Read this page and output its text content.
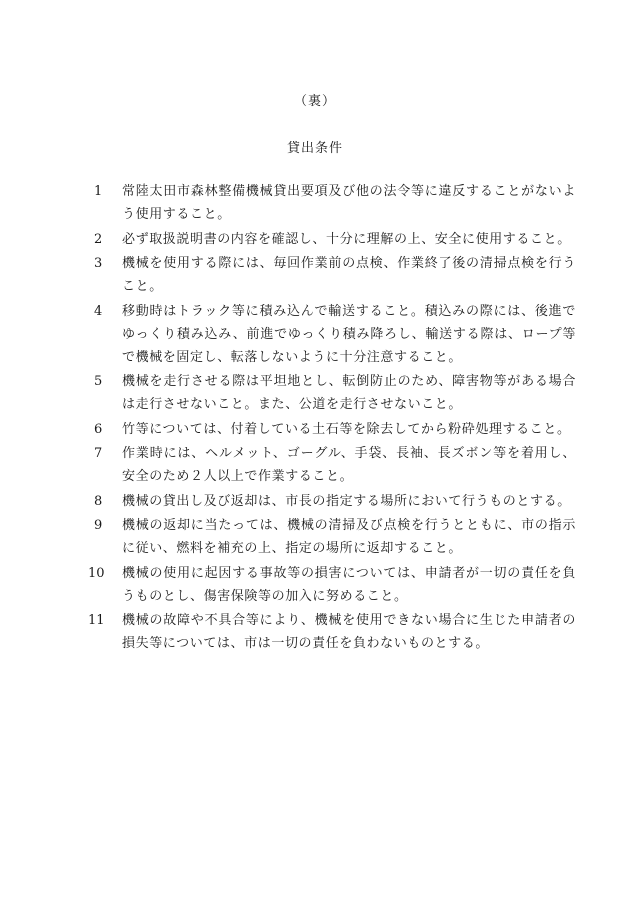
（裏）
貸出条件
1	常陸太田市森林整備機械貸出要項及び他の法令等に違反することがないよう使用すること。
2	必ず取扱説明書の内容を確認し、十分に理解の上、安全に使用すること。
3	機械を使用する際には、毎回作業前の点検、作業終了後の清掃点検を行うこと。
4	移動時はトラック等に積み込んで輸送すること。積込みの際には、後進でゆっくり積み込み、前進でゆっくり積み降ろし、輸送する際は、ロープ等で機械を固定し、転落しないように十分注意すること。
5	機械を走行させる際は平坦地とし、転倒防止のため、障害物等がある場合は走行させないこと。また、公道を走行させないこと。
6	竹等については、付着している土石等を除去してから粉砕処理すること。
7	作業時には、ヘルメット、ゴーグル、手袋、長袖、長ズボン等を着用し、安全のため２人以上で作業すること。
8	機械の貸出し及び返却は、市長の指定する場所において行うものとする。
9	機械の返却に当たっては、機械の清掃及び点検を行うとともに、市の指示に従い、燃料を補充の上、指定の場所に返却すること。
10	機械の使用に起因する事故等の損害については、申請者が一切の責任を負うものとし、傷害保険等の加入に努めること。
11	機械の故障や不具合等により、機械を使用できない場合に生じた申請者の損失等については、市は一切の責任を負わないものとする。
